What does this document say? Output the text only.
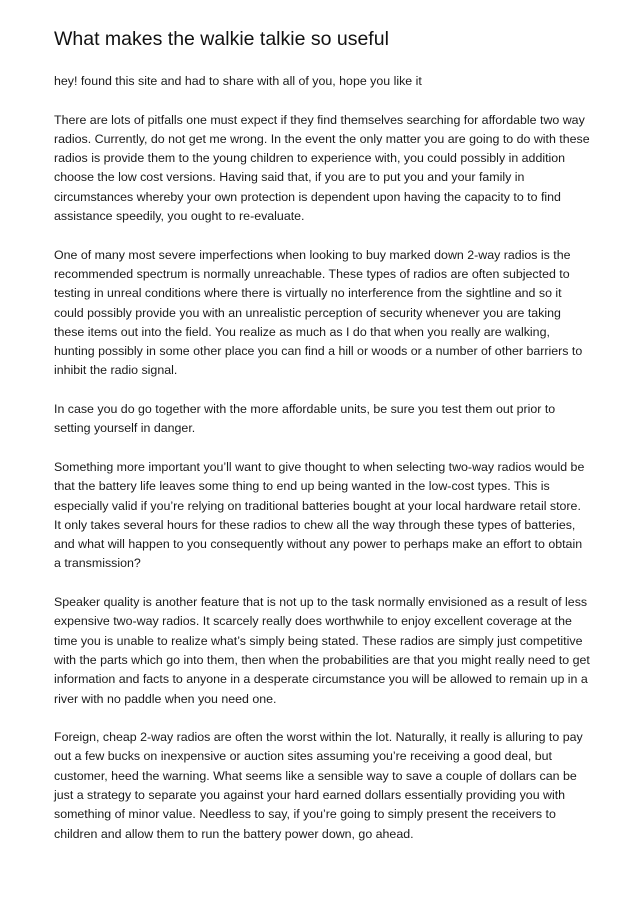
What makes the walkie talkie so useful

hey! found this site and had to share with all of you, hope you like it

There are lots of pitfalls one must expect if they find themselves searching for affordable two way radios. Currently, do not get me wrong. In the event the only matter you are going to do with these radios is provide them to the young children to experience with, you could possibly in addition choose the low cost versions. Having said that, if you are to put you and your family in circumstances whereby your own protection is dependent upon having the capacity to to find assistance speedily, you ought to re-evaluate.

One of many most severe imperfections when looking to buy marked down 2-way radios is the recommended spectrum is normally unreachable. These types of radios are often subjected to testing in unreal conditions where there is virtually no interference from the sightline and so it could possibly provide you with an unrealistic perception of security whenever you are taking these items out into the field. You realize as much as I do that when you really are walking, hunting possibly in some other place you can find a hill or woods or a number of other barriers to inhibit the radio signal.

In case you do go together with the more affordable units, be sure you test them out prior to setting yourself in danger.

Something more important you’ll want to give thought to when selecting two-way radios would be that the battery life leaves some thing to end up being wanted in the low-cost types. This is especially valid if you’re relying on traditional batteries bought at your local hardware retail store. It only takes several hours for these radios to chew all the way through these types of batteries, and what will happen to you consequently without any power to perhaps make an effort to obtain a transmission?

Speaker quality is another feature that is not up to the task normally envisioned as a result of less expensive two-way radios. It scarcely really does worthwhile to enjoy excellent coverage at the time you is unable to realize what’s simply being stated. These radios are simply just competitive with the parts which go into them, then when the probabilities are that you might really need to get information and facts to anyone in a desperate circumstance you will be allowed to remain up in a river with no paddle when you need one.

Foreign, cheap 2-way radios are often the worst within the lot. Naturally, it really is alluring to pay out a few bucks on inexpensive or auction sites assuming you’re receiving a good deal, but customer, heed the warning. What seems like a sensible way to save a couple of dollars can be just a strategy to separate you against your hard earned dollars essentially providing you with something of minor value. Needless to say, if you’re going to simply present the receivers to children and allow them to run the battery power down, go ahead.
